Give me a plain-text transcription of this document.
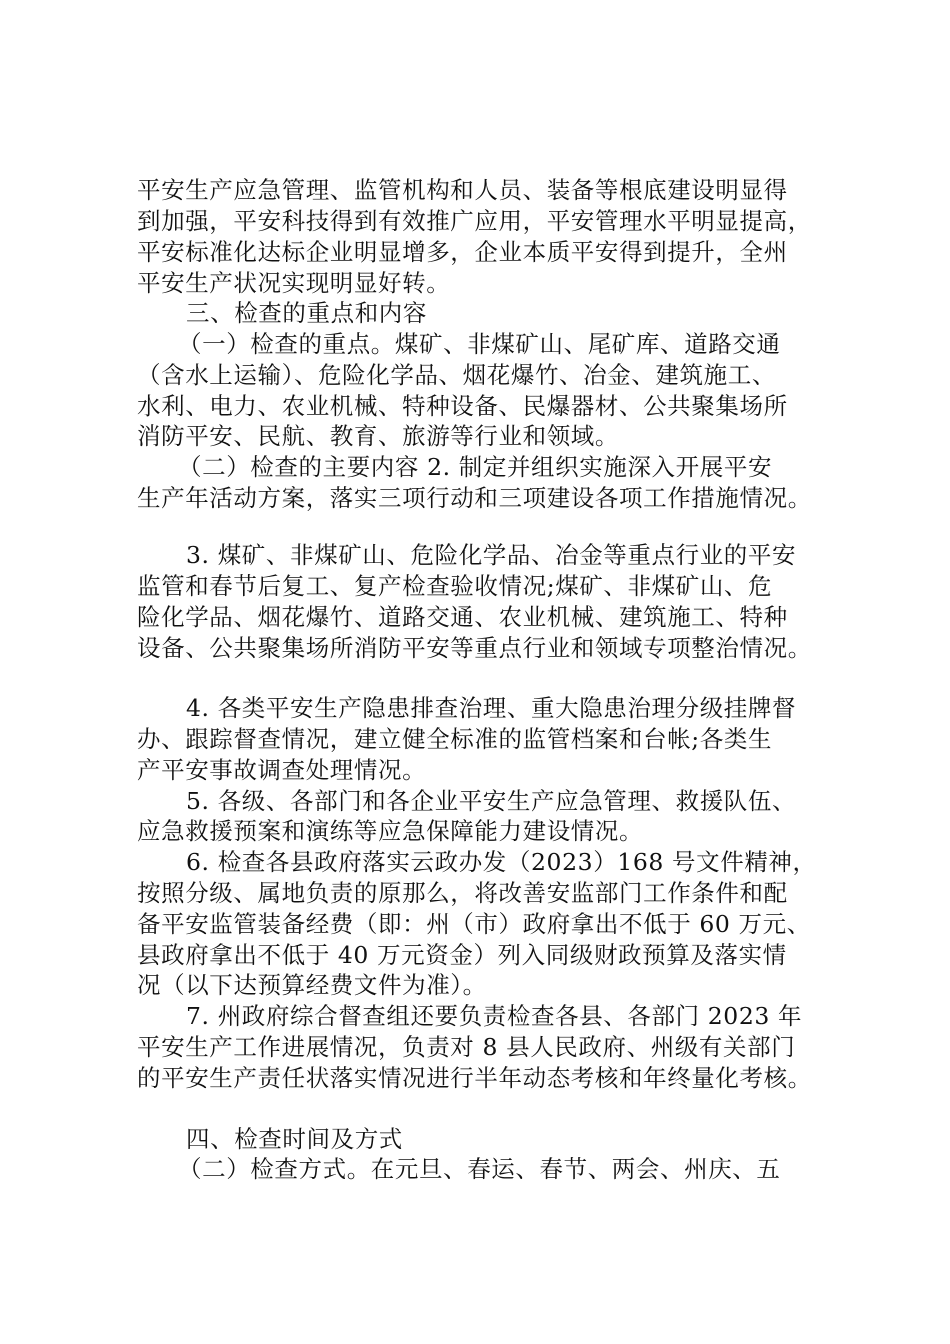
平安生产应急管理、监管机构和人员、装备等根底建设明显得
到加强，平安科技得到有效推广应用，平安管理水平明显提高，
平安标准化达标企业明显增多，企业本质平安得到提升，全州
平安生产状况实现明显好转。
三、检查的重点和内容
（一）检查的重点。煤矿、非煤矿山、尾矿库、道路交通
（含水上运输）、危险化学品、烟花爆竹、冶金、建筑施工、
水利、电力、农业机械、特种设备、民爆器材、公共聚集场所
消防平安、民航、教育、旅游等行业和领域。
（二）检查的主要内容 2. 制定并组织实施深入开展平安
生产年活动方案，落实三项行动和三项建设各项工作措施情况。
3. 煤矿、非煤矿山、危险化学品、冶金等重点行业的平安
监管和春节后复工、复产检查验收情况;煤矿、非煤矿山、危
险化学品、烟花爆竹、道路交通、农业机械、建筑施工、特种
设备、公共聚集场所消防平安等重点行业和领域专项整治情况。
4. 各类平安生产隐患排查治理、重大隐患治理分级挂牌督
办、跟踪督查情况，建立健全标准的监管档案和台帐;各类生
产平安事故调查处理情况。
5. 各级、各部门和各企业平安生产应急管理、救援队伍、
应急救援预案和演练等应急保障能力建设情况。
6. 检查各县政府落实云政办发（2023）168 号文件精神，
按照分级、属地负责的原那么，将改善安监部门工作条件和配
备平安监管装备经费（即：州（市）政府拿出不低于 60 万元、
县政府拿出不低于 40 万元资金）列入同级财政预算及落实情
况（以下达预算经费文件为准）。
7. 州政府综合督查组还要负责检查各县、各部门 2023 年
平安生产工作进展情况，负责对 8 县人民政府、州级有关部门
的平安生产责任状落实情况进行半年动态考核和年终量化考核。
四、检查时间及方式
（二）检查方式。在元旦、春运、春节、两会、州庆、五
